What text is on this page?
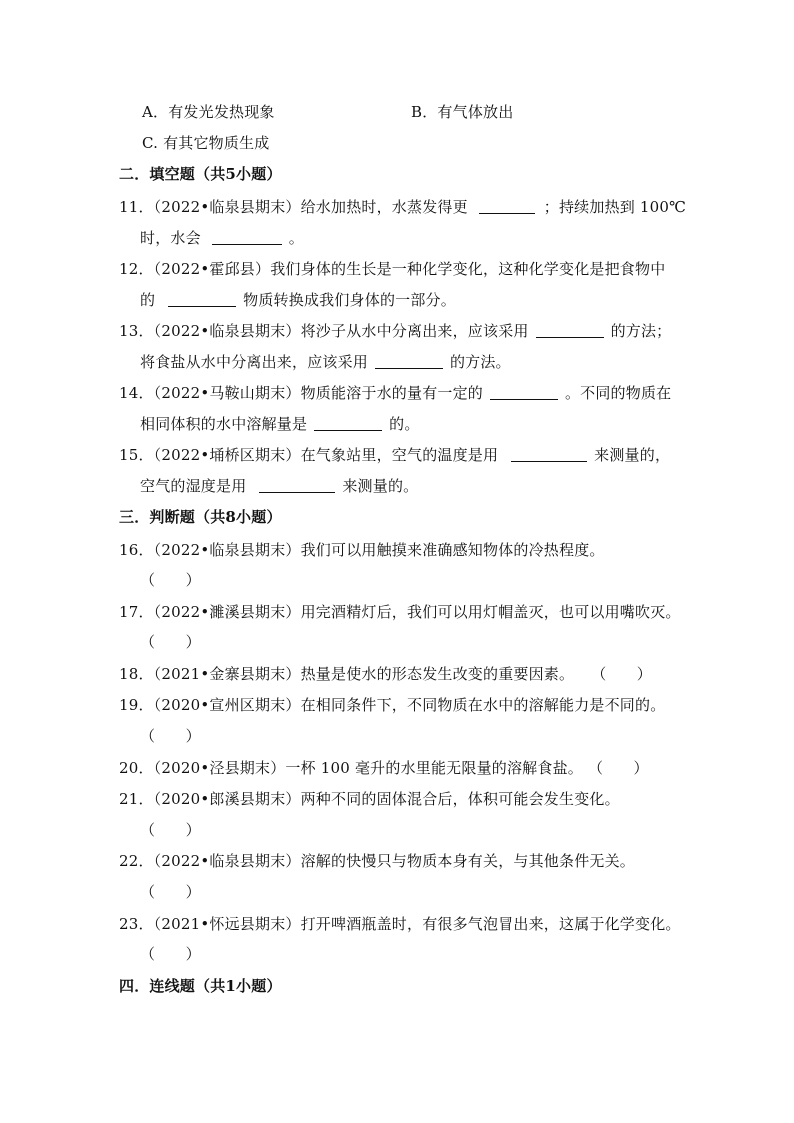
A．有发光发热现象	B．有气体放出
C. 有其它物质生成
二．填空题（共5小题）
11．（2022•临泉县期末）给水加热时，水蒸发得更	；持续加热到 100℃
时，水会	。
12．（2022•霍邱县）我们身体的生长是一种化学变化，这种化学变化是把食物中
的	物质转换成我们身体的一部分。
13．（2022•临泉县期末）将沙子从水中分离出来，应该采用	的方法；
将食盐从水中分离出来，应该采用	的方法。
14．（2022•马鞍山期末）物质能溶于水的量有一定的	。不同的物质在
相同体积的水中溶解量是	的。
15．（2022•埇桥区期末）在气象站里，空气的温度是用	来测量的，
空气的湿度是用	来测量的。
三．判断题（共8小题）
16．（2022•临泉县期末）我们可以用触摸来准确感知物体的冷热程度。
（　　）
17．（2022•濉溪县期末）用完酒精灯后，我们可以用灯帽盖灭，也可以用嘴吹灭。
（　　）
18．（2021•金寨县期末）热量是使水的形态发生改变的重要因素。 （　　）
19．（2020•宣州区期末）在相同条件下，不同物质在水中的溶解能力是不同的。
（　　）
20．（2020•泾县期末）一杯 100 毫升的水里能无限量的溶解食盐。 （　　）
21．（2020•郎溪县期末）两种不同的固体混合后，体积可能会发生变化。
（　　）
22．（2022•临泉县期末）溶解的快慢只与物质本身有关，与其他条件无关。
（　　）
23．（2021•怀远县期末）打开啤酒瓶盖时，有很多气泡冒出来，这属于化学变化。
（　　）
四．连线题（共1小题）
